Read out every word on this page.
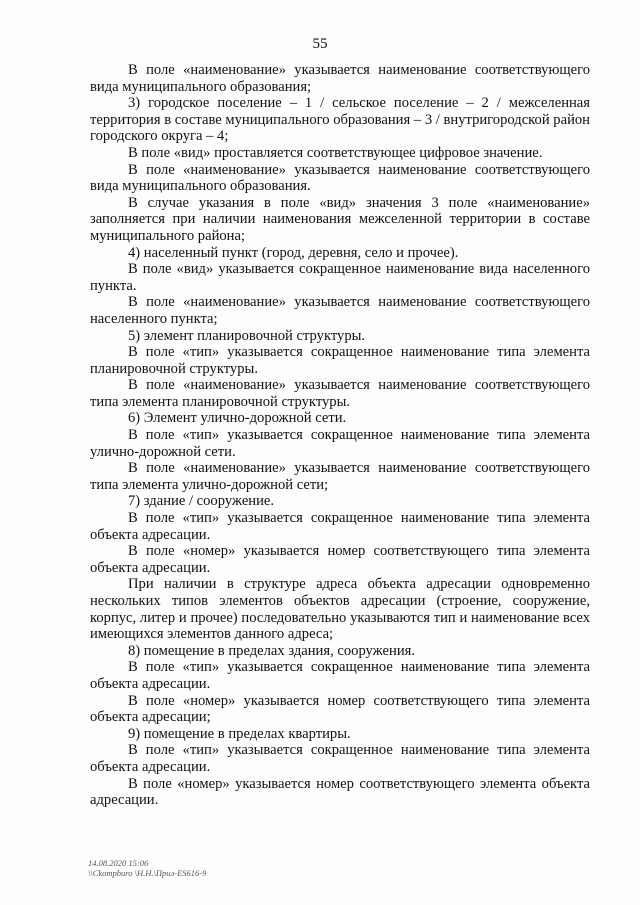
55

В поле «наименование» указывается наименование соответствующего вида муниципального образования;

3) городское поселение – 1 / сельское поселение – 2 / межселенная территория в составе муниципального образования – 3 / внутригородской район городского округа – 4;

В поле «вид» проставляется соответствующее цифровое значение.

В поле «наименование» указывается наименование соответствующего вида муниципального образования.

В случае указания в поле «вид» значения 3 поле «наименование» заполняется при наличии наименования межселенной территории в составе муниципального района;

4) населенный пункт (город, деревня, село и прочее).

В поле «вид» указывается сокращенное наименование вида населенного пункта.

В поле «наименование» указывается наименование соответствующего населенного пункта;

5) элемент планировочной структуры.

В поле «тип» указывается сокращенное наименование типа элемента планировочной структуры.

В поле «наименование» указывается наименование соответствующего типа элемента планировочной структуры.

6) Элемент улично-дорожной сети.

В поле «тип» указывается сокращенное наименование типа элемента улично-дорожной сети.

В поле «наименование» указывается наименование соответствующего типа элемента улично-дорожной сети;

7) здание / сооружение.

В поле «тип» указывается сокращенное наименование типа элемента объекта адресации.

В поле «номер» указывается номер соответствующего типа элемента объекта адресации.

При наличии в структуре адреса объекта адресации одновременно нескольких типов элементов объектов адресации (строение, сооружение, корпус, литер и прочее) последовательно указываются тип и наименование всех имеющихся элементов данного адреса;

8) помещение в пределах здания, сооружения.

В поле «тип» указывается сокращенное наименование типа элемента объекта адресации.

В поле «номер» указывается номер соответствующего типа элемента объекта адресации;

9) помещение в пределах квартиры.

В поле «тип» указывается сокращенное наименование типа элемента объекта адресации.

В поле «номер» указывается номер соответствующего элемента объекта адресации.

14.08.2020 15:06
\\Ckompburo \Н.Н.\Прил-ES616-9
